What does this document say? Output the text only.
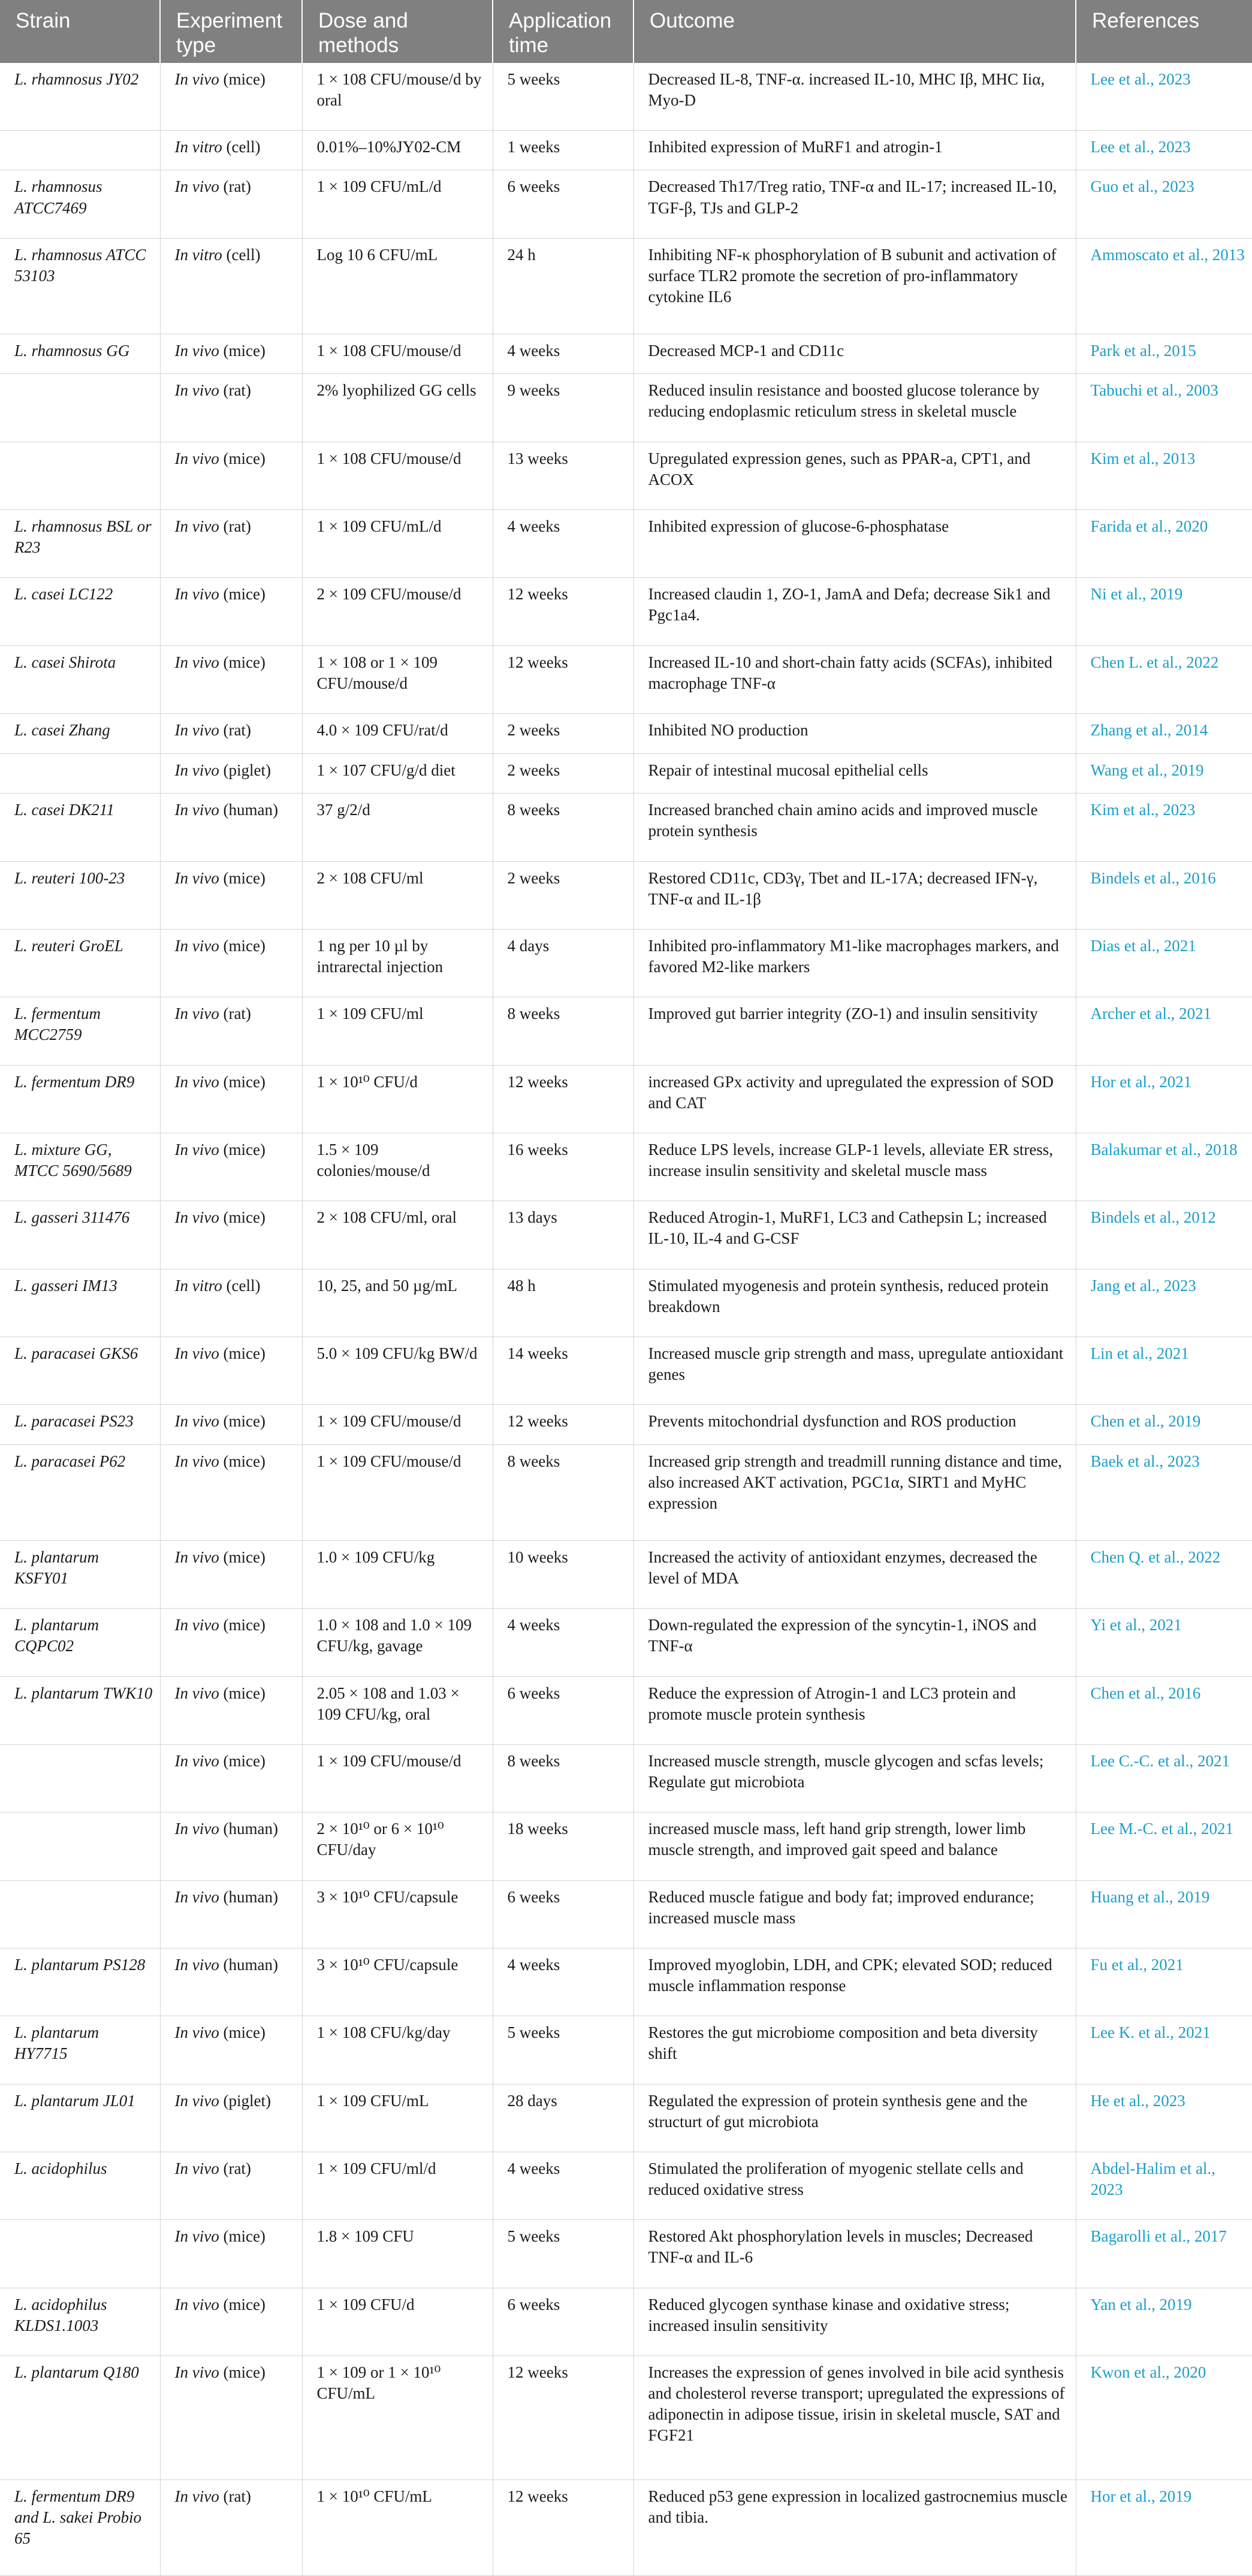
Strain	Experiment type	Dose and methods	Application time	Outcome	References
L. rhamnosus JY02	In vivo (mice)	1 × 108 CFU/mouse/d by oral	5 weeks	Decreased IL-8, TNF-α. increased IL-10, MHC Iβ, MHC Iiα, Myo-D	Lee et al., 2023
	In vitro (cell)	0.01%–10%JY02-CM	1 weeks	Inhibited expression of MuRF1 and atrogin-1	Lee et al., 2023
L. rhamnosus ATCC7469	In vivo (rat)	1 × 109 CFU/mL/d	6 weeks	Decreased Th17/Treg ratio, TNF-α and IL-17; increased IL-10, TGF-β, TJs and GLP-2	Guo et al., 2023
L. rhamnosus ATCC 53103	In vitro (cell)	Log 10 6 CFU/mL	24 h	Inhibiting NF-κ phosphorylation of B subunit and activation of surface TLR2 promote the secretion of pro-inflammatory cytokine IL6	Ammoscato et al., 2013
L. rhamnosus GG	In vivo (mice)	1 × 108 CFU/mouse/d	4 weeks	Decreased MCP-1 and CD11c	Park et al., 2015
	In vivo (rat)	2% lyophilized GG cells	9 weeks	Reduced insulin resistance and boosted glucose tolerance by reducing endoplasmic reticulum stress in skeletal muscle	Tabuchi et al., 2003
	In vivo (mice)	1 × 108 CFU/mouse/d	13 weeks	Upregulated expression genes, such as PPAR-a, CPT1, and ACOX	Kim et al., 2013
L. rhamnosus BSL or R23	In vivo (rat)	1 × 109 CFU/mL/d	4 weeks	Inhibited expression of glucose-6-phosphatase	Farida et al., 2020
L. casei LC122	In vivo (mice)	2 × 109 CFU/mouse/d	12 weeks	Increased claudin 1, ZO-1, JamA and Defa; decrease Sik1 and Pgc1a4.	Ni et al., 2019
L. casei Shirota	In vivo (mice)	1 × 108 or 1 × 109 CFU/mouse/d	12 weeks	Increased IL-10 and short-chain fatty acids (SCFAs), inhibited macrophage TNF-α	Chen L. et al., 2022
L. casei Zhang	In vivo (rat)	4.0 × 109 CFU/rat/d	2 weeks	Inhibited NO production	Zhang et al., 2014
	In vivo (piglet)	1 × 107 CFU/g/d diet	2 weeks	Repair of intestinal mucosal epithelial cells	Wang et al., 2019
L. casei DK211	In vivo (human)	37 g/2/d	8 weeks	Increased branched chain amino acids and improved muscle protein synthesis	Kim et al., 2023
L. reuteri 100-23	In vivo (mice)	2 × 108 CFU/ml	2 weeks	Restored CD11c, CD3γ, Tbet and IL-17A; decreased IFN-γ, TNF-α and IL-1β	Bindels et al., 2016
L. reuteri GroEL	In vivo (mice)	1 ng per 10 µl by intrarectal injection	4 days	Inhibited pro-inflammatory M1-like macrophages markers, and favored M2-like markers	Dias et al., 2021
L. fermentum MCC2759	In vivo (rat)	1 × 109 CFU/ml	8 weeks	Improved gut barrier integrity (ZO-1) and insulin sensitivity	Archer et al., 2021
L. fermentum DR9	In vivo (mice)	1 × 10¹⁰ CFU/d	12 weeks	increased GPx activity and upregulated the expression of SOD and CAT	Hor et al., 2021
L. mixture GG, MTCC 5690/5689	In vivo (mice)	1.5 × 109 colonies/mouse/d	16 weeks	Reduce LPS levels, increase GLP-1 levels, alleviate ER stress, increase insulin sensitivity and skeletal muscle mass	Balakumar et al., 2018
L. gasseri 311476	In vivo (mice)	2 × 108 CFU/ml, oral	13 days	Reduced Atrogin-1, MuRF1, LC3 and Cathepsin L; increased IL-10, IL-4 and G-CSF	Bindels et al., 2012
L. gasseri IM13	In vitro (cell)	10, 25, and 50 µg/mL	48 h	Stimulated myogenesis and protein synthesis, reduced protein breakdown	Jang et al., 2023
L. paracasei GKS6	In vivo (mice)	5.0 × 109 CFU/kg BW/d	14 weeks	Increased muscle grip strength and mass, upregulate antioxidant genes	Lin et al., 2021
L. paracasei PS23	In vivo (mice)	1 × 109 CFU/mouse/d	12 weeks	Prevents mitochondrial dysfunction and ROS production	Chen et al., 2019
L. paracasei P62	In vivo (mice)	1 × 109 CFU/mouse/d	8 weeks	Increased grip strength and treadmill running distance and time, also increased AKT activation, PGC1α, SIRT1 and MyHC expression	Baek et al., 2023
L. plantarum KSFY01	In vivo (mice)	1.0 × 109 CFU/kg	10 weeks	Increased the activity of antioxidant enzymes, decreased the level of MDA	Chen Q. et al., 2022
L. plantarum CQPC02	In vivo (mice)	1.0 × 108 and 1.0 × 109 CFU/kg, gavage	4 weeks	Down-regulated the expression of the syncytin-1, iNOS and TNF-α	Yi et al., 2021
L. plantarum TWK10	In vivo (mice)	2.05 × 108 and 1.03 × 109 CFU/kg, oral	6 weeks	Reduce the expression of Atrogin-1 and LC3 protein and promote muscle protein synthesis	Chen et al., 2016
	In vivo (mice)	1 × 109 CFU/mouse/d	8 weeks	Increased muscle strength, muscle glycogen and scfas levels; Regulate gut microbiota	Lee C.-C. et al., 2021
	In vivo (human)	2 × 10¹⁰ or 6 × 10¹⁰ CFU/day	18 weeks	increased muscle mass, left hand grip strength, lower limb muscle strength, and improved gait speed and balance	Lee M.-C. et al., 2021
	In vivo (human)	3 × 10¹⁰ CFU/capsule	6 weeks	Reduced muscle fatigue and body fat; improved endurance; increased muscle mass	Huang et al., 2019
L. plantarum PS128	In vivo (human)	3 × 10¹⁰ CFU/capsule	4 weeks	Improved myoglobin, LDH, and CPK; elevated SOD; reduced muscle inflammation response	Fu et al., 2021
L. plantarum HY7715	In vivo (mice)	1 × 108 CFU/kg/day	5 weeks	Restores the gut microbiome composition and beta diversity shift	Lee K. et al., 2021
L. plantarum JL01	In vivo (piglet)	1 × 109 CFU/mL	28 days	Regulated the expression of protein synthesis gene and the structurt of gut microbiota	He et al., 2023
L. acidophilus	In vivo (rat)	1 × 109 CFU/ml/d	4 weeks	Stimulated the proliferation of myogenic stellate cells and reduced oxidative stress	Abdel-Halim et al., 2023
	In vivo (mice)	1.8 × 109 CFU	5 weeks	Restored Akt phosphorylation levels in muscles; Decreased TNF-α and IL-6	Bagarolli et al., 2017
L. acidophilus KLDS1.1003	In vivo (mice)	1 × 109 CFU/d	6 weeks	Reduced glycogen synthase kinase and oxidative stress; increased insulin sensitivity	Yan et al., 2019
L. plantarum Q180	In vivo (mice)	1 × 109 or 1 × 10¹⁰ CFU/mL	12 weeks	Increases the expression of genes involved in bile acid synthesis and cholesterol reverse transport; upregulated the expressions of adiponectin in adipose tissue, irisin in skeletal muscle, SAT and FGF21	Kwon et al., 2020
L. fermentum DR9 and L. sakei Probio 65	In vivo (rat)	1 × 10¹⁰ CFU/mL	12 weeks	Reduced p53 gene expression in localized gastrocnemius muscle and tibia.	Hor et al., 2019
